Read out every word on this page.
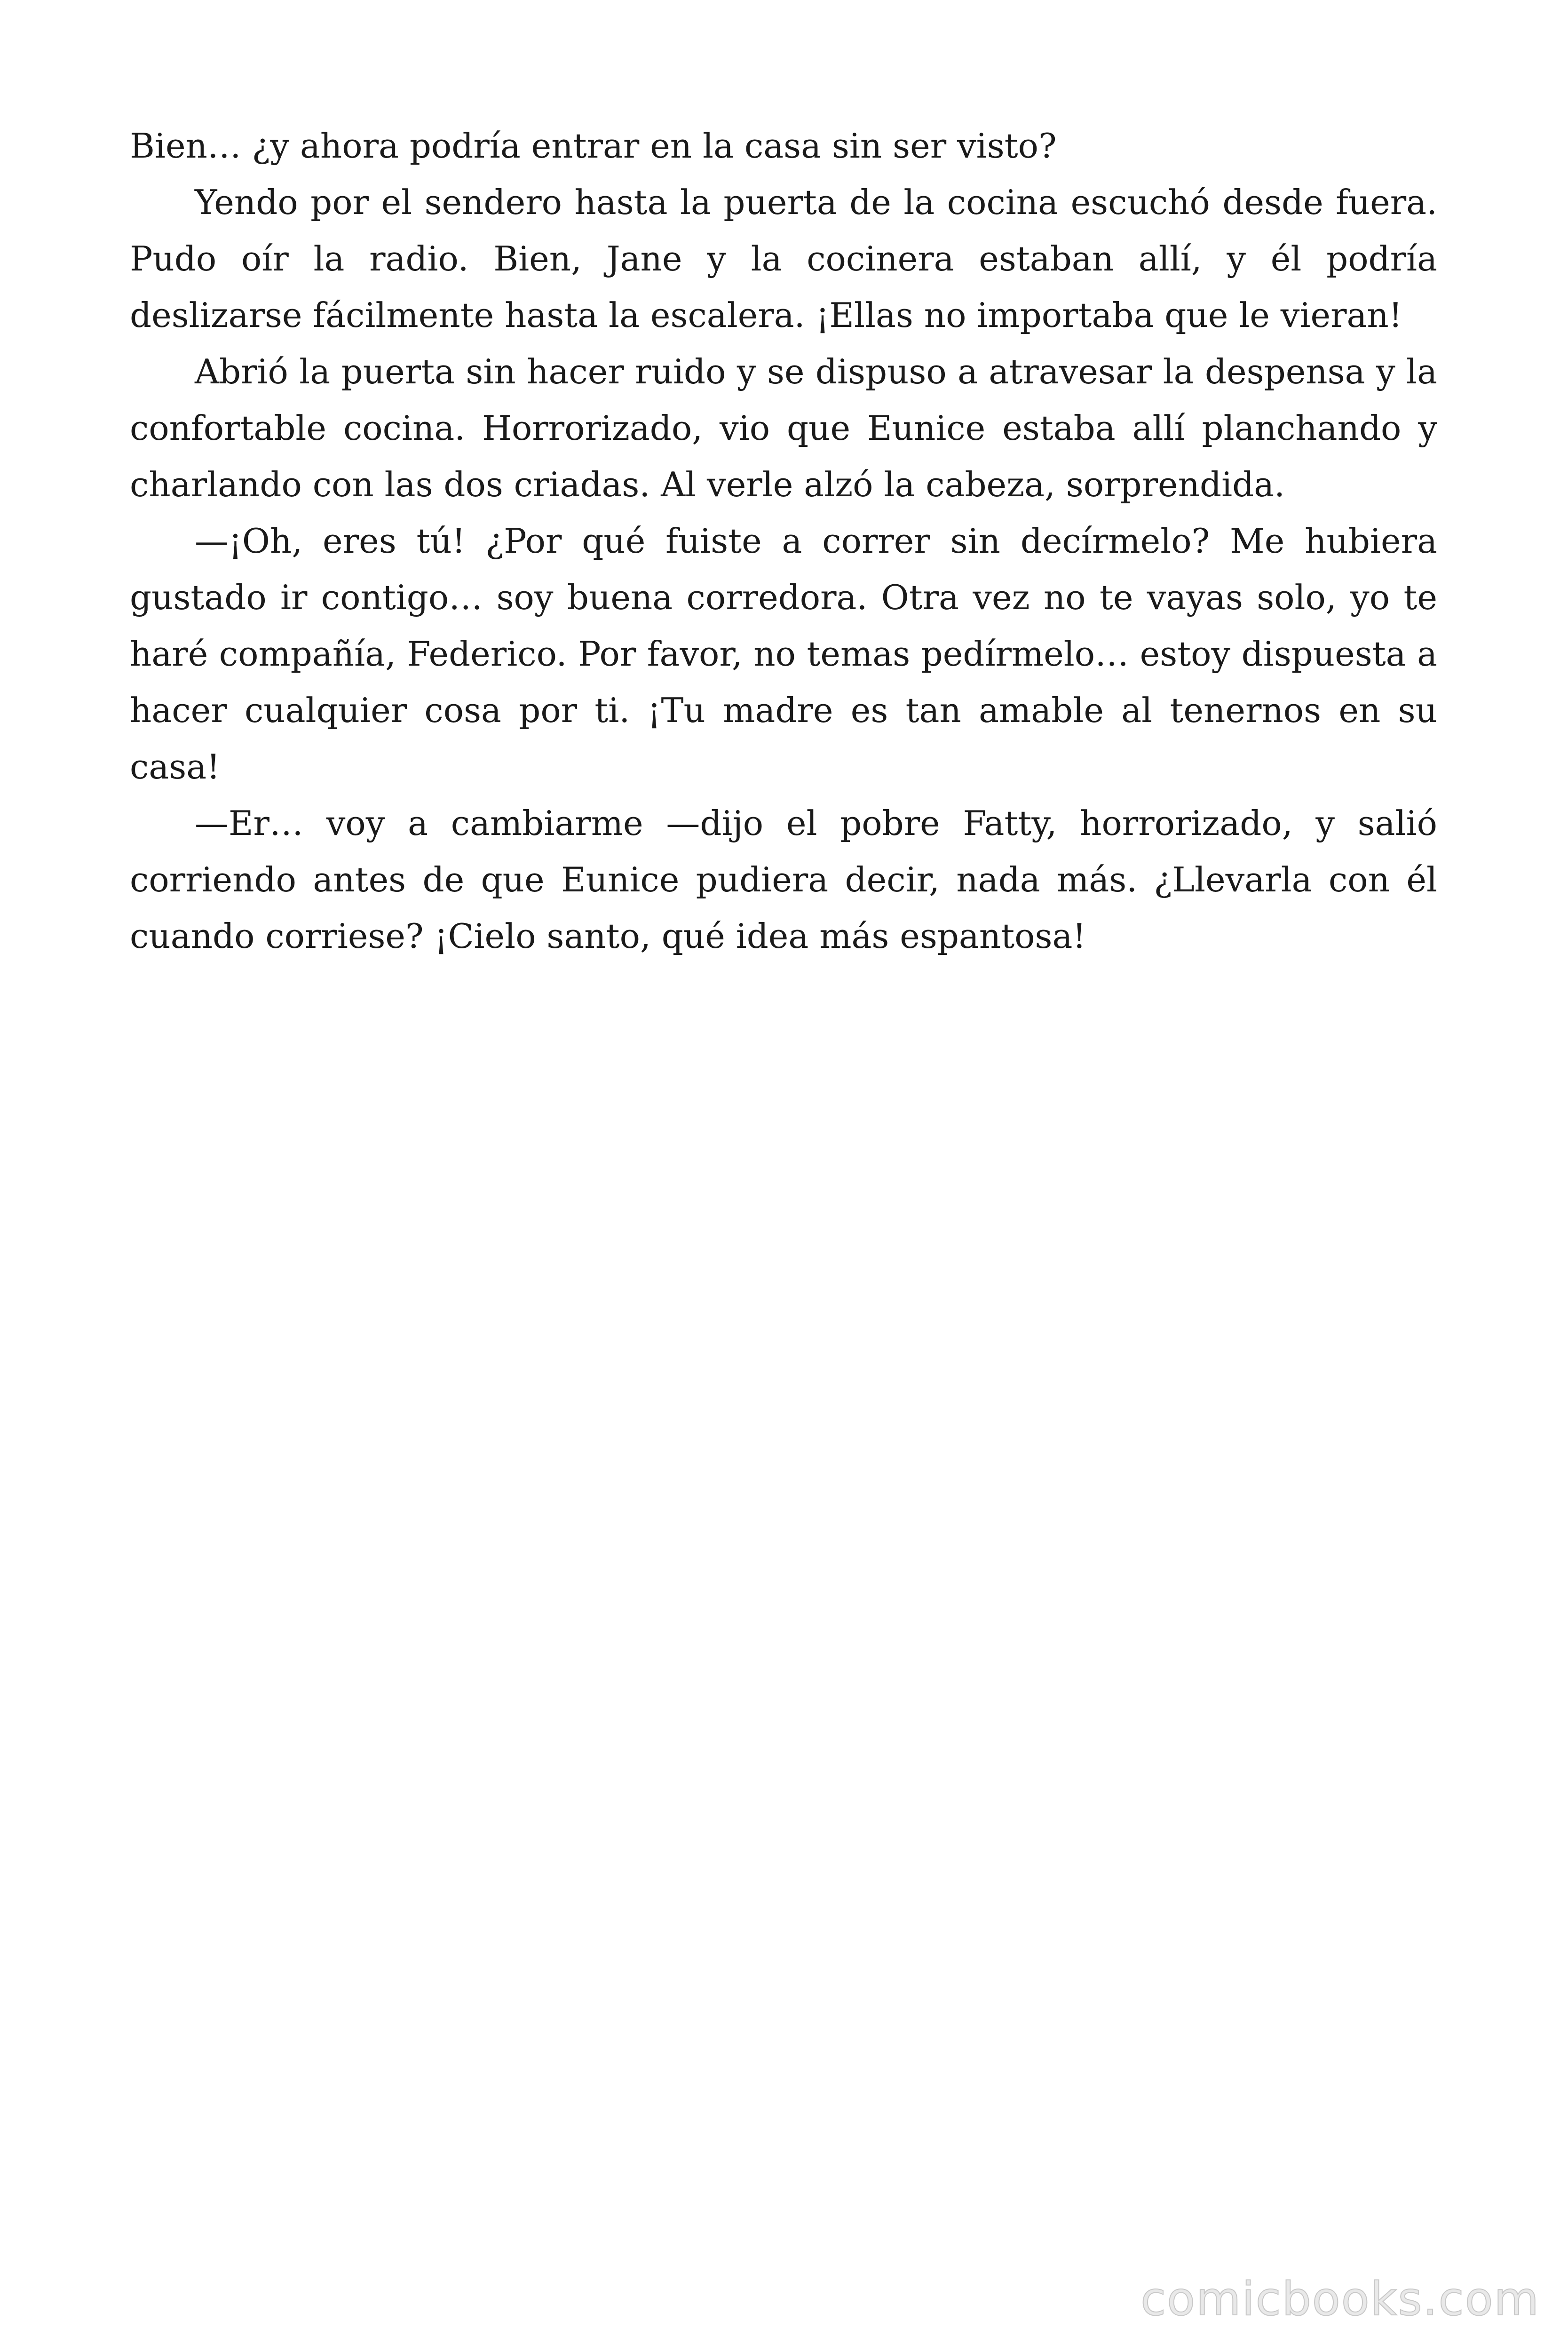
Bien… ¿y ahora podría entrar en la casa sin ser visto?

Yendo por el sendero hasta la puerta de la cocina escuchó desde fuera. Pudo oír la radio. Bien, Jane y la cocinera estaban allí, y él podría deslizarse fácilmente hasta la escalera. ¡Ellas no importaba que le vieran!

Abrió la puerta sin hacer ruido y se dispuso a atravesar la despensa y la confortable cocina. Horrorizado, vio que Eunice estaba allí planchando y charlando con las dos criadas. Al verle alzó la cabeza, sorprendida.

—¡Oh, eres tú! ¿Por qué fuiste a correr sin decírmelo? Me hubiera gustado ir contigo… soy buena corredora. Otra vez no te vayas solo, yo te haré compañía, Federico. Por favor, no temas pedírmelo… estoy dispuesta a hacer cualquier cosa por ti. ¡Tu madre es tan amable al tenernos en su casa!

—Er… voy a cambiarme —dijo el pobre Fatty, horrorizado, y salió corriendo antes de que Eunice pudiera decir, nada más. ¿Llevarla con él cuando corriese? ¡Cielo santo, qué idea más espantosa!

comicbooks.com
